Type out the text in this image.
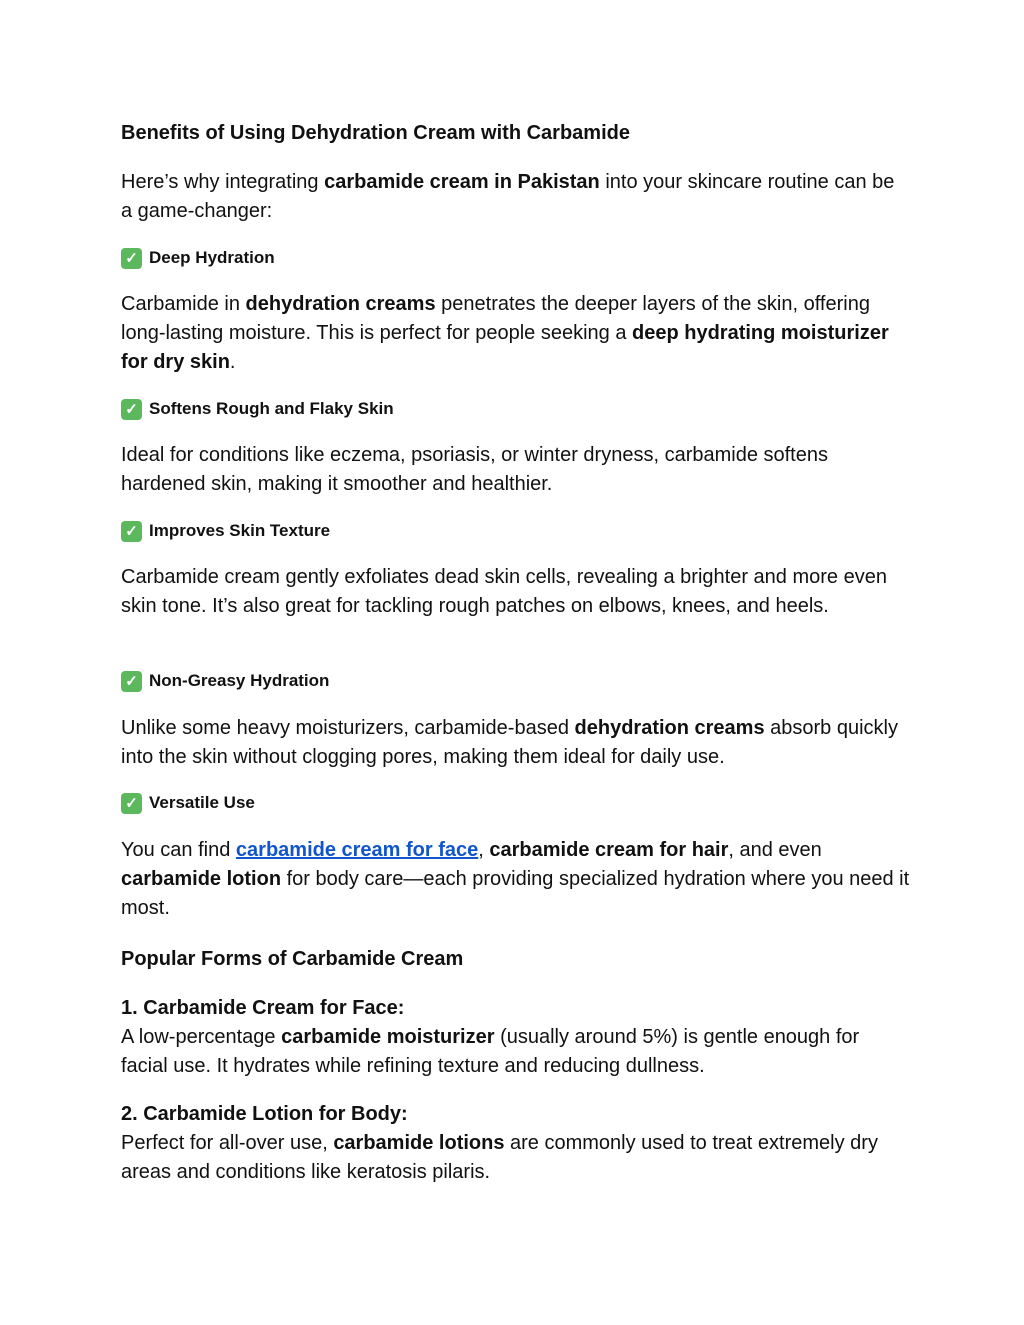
Benefits of Using Dehydration Cream with Carbamide

Here’s why integrating carbamide cream in Pakistan into your skincare routine can be a game-changer:

✓ Deep Hydration

Carbamide in dehydration creams penetrates the deeper layers of the skin, offering long-lasting moisture. This is perfect for people seeking a deep hydrating moisturizer for dry skin.

✓ Softens Rough and Flaky Skin

Ideal for conditions like eczema, psoriasis, or winter dryness, carbamide softens hardened skin, making it smoother and healthier.

✓ Improves Skin Texture

Carbamide cream gently exfoliates dead skin cells, revealing a brighter and more even skin tone. It’s also great for tackling rough patches on elbows, knees, and heels.

✓ Non-Greasy Hydration

Unlike some heavy moisturizers, carbamide-based dehydration creams absorb quickly into the skin without clogging pores, making them ideal for daily use.

✓ Versatile Use

You can find carbamide cream for face, carbamide cream for hair, and even carbamide lotion for body care—each providing specialized hydration where you need it most.

Popular Forms of Carbamide Cream

1. Carbamide Cream for Face:
A low-percentage carbamide moisturizer (usually around 5%) is gentle enough for facial use. It hydrates while refining texture and reducing dullness.

2. Carbamide Lotion for Body:
Perfect for all-over use, carbamide lotions are commonly used to treat extremely dry areas and conditions like keratosis pilaris.
